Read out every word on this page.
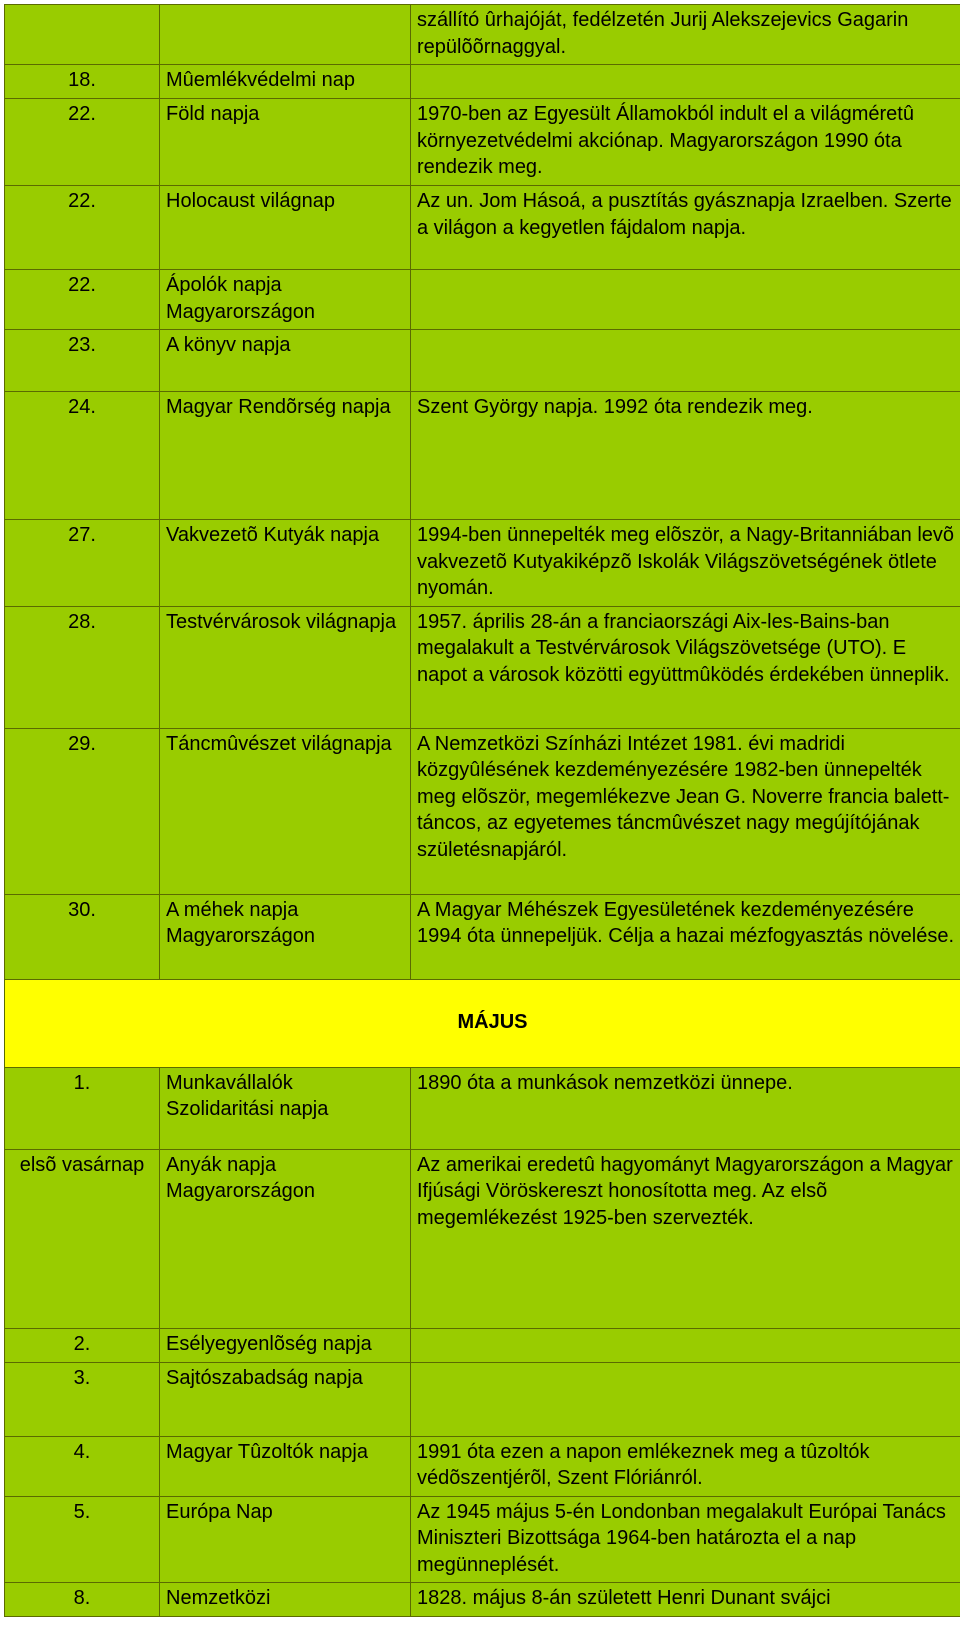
		szállító ûrhajóját, fedélzetén Jurij Alekszejevics Gagarin repülõõrnaggyal.
18.	Mûemlékvédelmi nap	
22.	Föld napja	1970-ben az Egyesült Államokból indult el a világméretû környezetvédelmi akciónap. Magyarországon 1990 óta rendezik meg.
22.	Holocaust világnap	Az un. Jom Hásoá, a pusztítás gyásznapja Izraelben. Szerte a világon a kegyetlen fájdalom napja.
22.	Ápolók napja Magyarországon	
23.	A könyv napja	
24.	Magyar Rendõrség napja	Szent György napja. 1992 óta rendezik meg.
27.	Vakvezetõ Kutyák napja	1994-ben ünnepelték meg elõször, a Nagy-Britanniában levõ vakvezetõ Kutyakiképzõ Iskolák Világszövetségének ötlete nyomán.
28.	Testvérvárosok világnapja	1957. április 28-án a franciaországi Aix-les-Bains-ban megalakult a Testvérvárosok Világszövetsége (UTO). E napot a városok közötti együttmûködés érdekében ünneplik.
29.	Táncmûvészet világnapja	A Nemzetközi Színházi Intézet 1981. évi madridi közgyûlésének kezdeményezésére 1982-ben ünnepelték meg elõször, megemlékezve Jean G. Noverre francia balett-táncos, az egyetemes táncmûvészet nagy megújítójának születésnapjáról.
30.	A méhek napja Magyarországon	A Magyar Méhészek Egyesületének kezdeményezésére 1994 óta ünnepeljük. Célja a hazai mézfogyasztás növelése.
MÁJUS		
1.	Munkavállalók Szolidaritási napja	1890 óta a munkások nemzetközi ünnepe.
elsõ vasárnap	Anyák napja Magyarországon	Az amerikai eredetû hagyományt Magyarországon a Magyar Ifjúsági Vöröskereszt honosította meg. Az elsõ megemlékezést 1925-ben szervezték.
2.	Esélyegyenlõség napja	
3.	Sajtószabadság napja	
4.	Magyar Tûzoltók napja	1991 óta ezen a napon emlékeznek meg a tûzoltók védõszentjérõl, Szent Flóriánról.
5.	Európa Nap	Az 1945 május 5-én Londonban megalakult Európai Tanács Miniszteri Bizottsága 1964-ben határozta el a nap megünneplését.
8.	Nemzetközi	1828. május 8-án született Henri Dunant svájci
